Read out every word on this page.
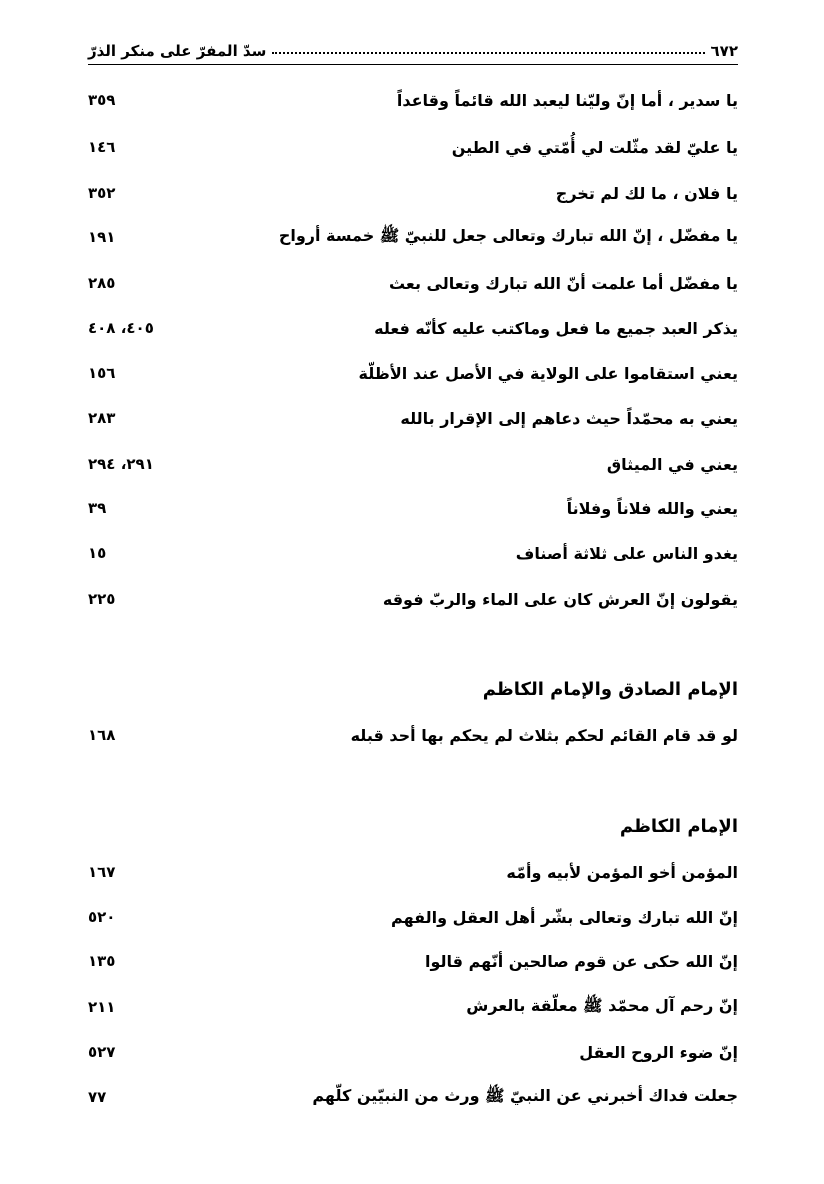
٦٧٢
سدّ المفرّ على منكر الذرّ
يا سدير ، أما إنّ وليّنا ليعبد الله قائماً وقاعداً
٣٥٩
يا عليّ لقد مثّلت لي أُمّتي في الطين
١٤٦
يا فلان ، ما لك لم تخرج
٣٥٢
يا مفضّل ، إنّ الله تبارك وتعالى جعل للنبيّ ﷺ خمسة أرواح
١٩١
يا مفضّل أما علمت أنّ الله تبارك وتعالى بعث
٢٨٥
يذكر العبد جميع ما فعل وماكتب عليه كأنّه فعله
٤٠٥، ٤٠٨
يعني استقاموا على الولاية في الأصل عند الأظلّة
١٥٦
يعني به محمّداً حيث دعاهم إلى الإقرار بالله
٢٨٣
يعني في الميثاق
٢٩١، ٢٩٤
يعني والله فلاناً وفلاناً
٣٩
يغدو الناس على ثلاثة أصناف
١٥
يقولون إنّ العرش كان على الماء والربّ فوقه
٢٢٥
الإمام الصادق والإمام الكاظم
لو قد قام القائم لحكم بثلاث لم يحكم بها أحد قبله
١٦٨
الإمام الكاظم
المؤمن أخو المؤمن لأبيه وأمّه
١٦٧
إنّ الله تبارك وتعالى بشّر أهل العقل والفهم
٥٢٠
إنّ الله حكى عن قوم صالحين أنّهم قالوا
١٣٥
إنّ رحم آل محمّد ﷺ معلّقة بالعرش
٢١١
إنّ ضوء الروح العقل
٥٢٧
جعلت فداك أخبرني عن النبيّ ﷺ ورث من النبيّين كلّهم
٧٧
